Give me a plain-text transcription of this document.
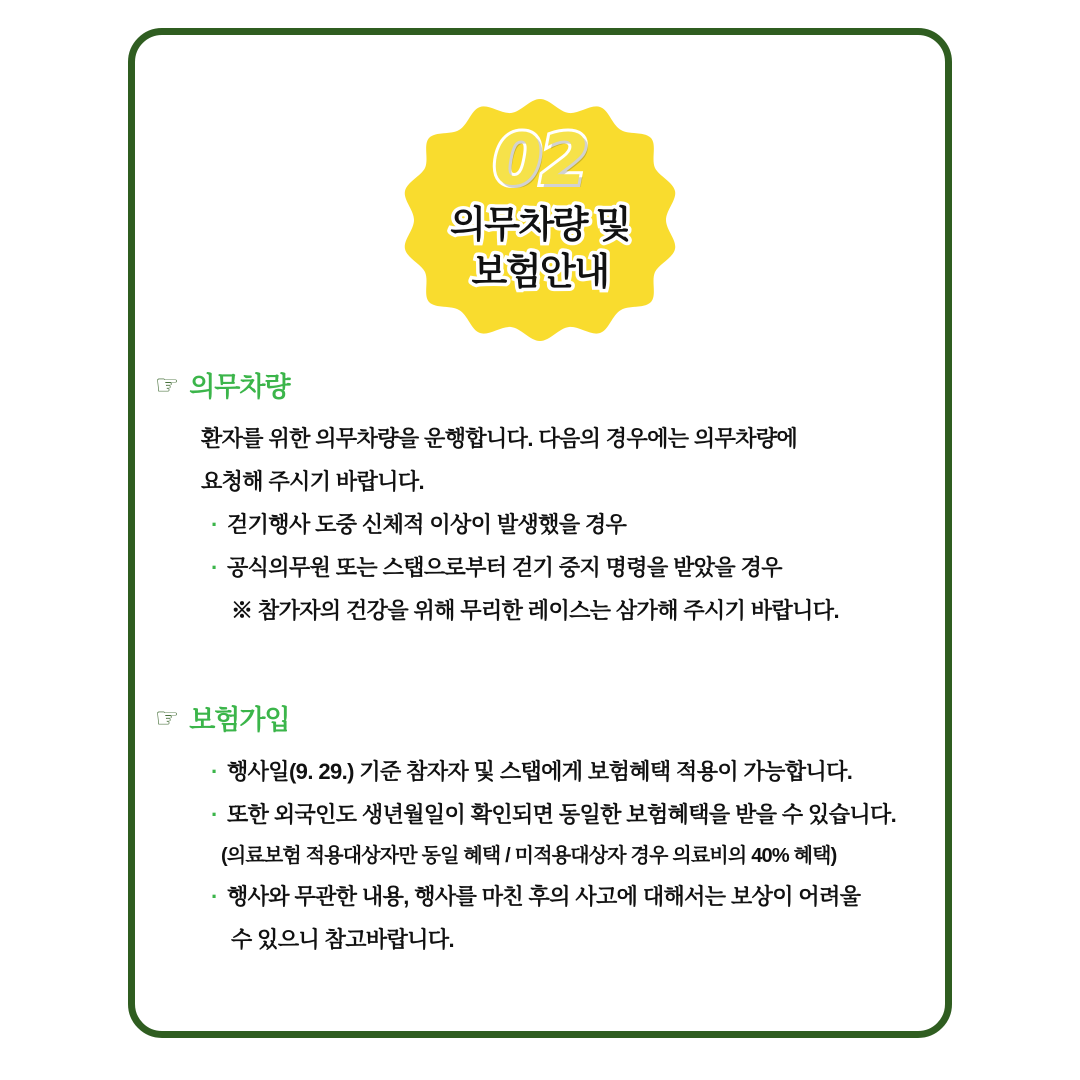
02
의무차량 및
보험안내
☞ 의무차량
환자를 위한 의무차량을 운행합니다. 다음의 경우에는 의무차량에
요청해 주시기 바랍니다.
· 걷기행사 도중 신체적 이상이 발생했을 경우
· 공식의무원 또는 스탭으로부터 걷기 중지 명령을 받았을 경우
※ 참가자의 건강을 위해 무리한 레이스는 삼가해 주시기 바랍니다.
☞ 보험가입
· 행사일(9. 29.) 기준 참자자 및 스탭에게 보험혜택 적용이 가능합니다.
· 또한 외국인도 생년월일이 확인되면 동일한 보험혜택을 받을 수 있습니다.
(의료보험 적용대상자만 동일 혜택 / 미적용대상자 경우 의료비의 40% 혜택)
· 행사와 무관한 내용, 행사를 마친 후의 사고에 대해서는 보상이 어려울
수 있으니 참고바랍니다.
